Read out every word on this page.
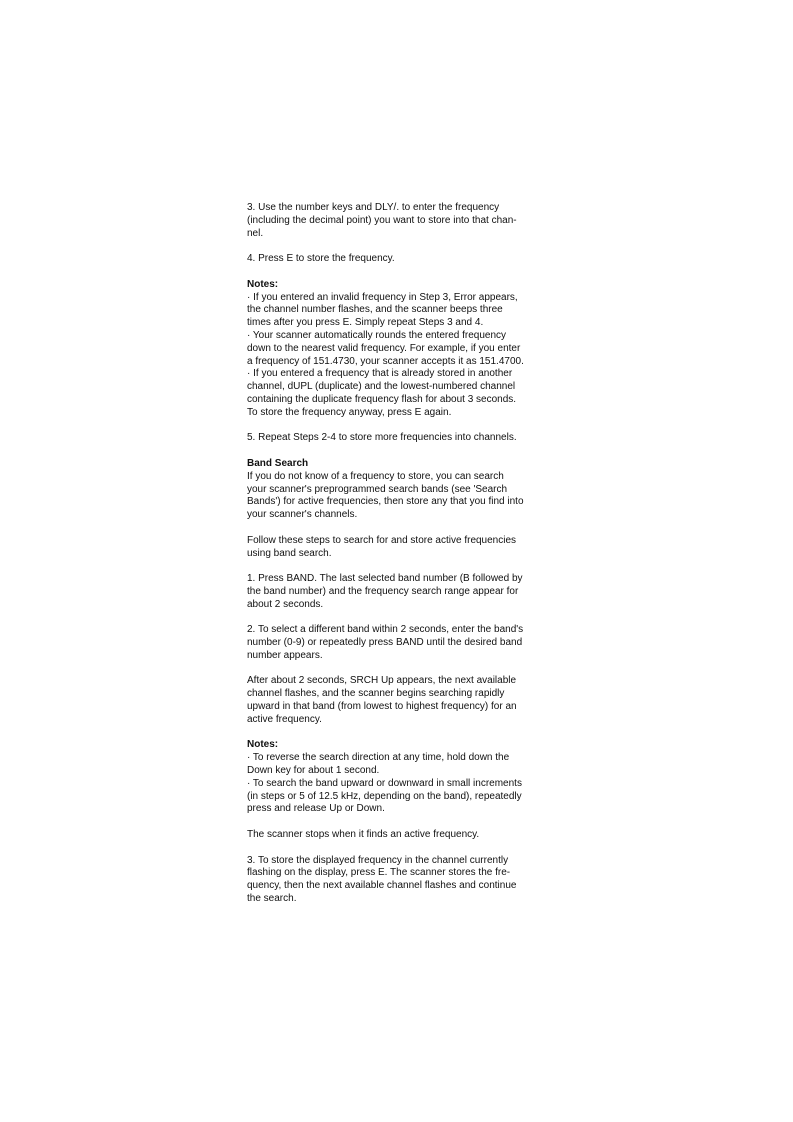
3. Use the number keys and DLY/. to enter the frequency
(including the decimal point) you want to store into that chan-
nel.
4. Press E to store the frequency.
Notes:
· If you entered an invalid frequency in Step 3, Error appears,
the channel number flashes, and the scanner beeps three
times after you press E. Simply repeat Steps 3 and 4.
· Your scanner automatically rounds the entered frequency
down to the nearest valid frequency. For example, if you enter
a frequency of 151.4730, your scanner accepts it as 151.4700.
· If you entered a frequency that is already stored in another
channel, dUPL (duplicate) and the lowest-numbered channel
containing the duplicate frequency flash for about 3 seconds.
To store the frequency anyway, press E again.
5. Repeat Steps 2-4 to store more frequencies into channels.
Band Search
If you do not know of a frequency to store, you can search
your scanner's preprogrammed search bands (see 'Search
Bands') for active frequencies, then store any that you find into
your scanner's channels.
Follow these steps to search for and store active frequencies
using band search.
1. Press BAND. The last selected band number (B followed by
the band number) and the frequency search range appear for
about 2 seconds.
2. To select a different band within 2 seconds, enter the band's
number (0-9) or repeatedly press BAND until the desired band
number appears.
After about 2 seconds, SRCH Up appears, the next available
channel flashes, and the scanner begins searching rapidly
upward in that band (from lowest to highest frequency) for an
active frequency.
Notes:
· To reverse the search direction at any time, hold down the
Down key for about 1 second.
· To search the band upward or downward in small increments
(in steps or 5 of 12.5 kHz, depending on the band), repeatedly
press and release Up or Down.
The scanner stops when it finds an active frequency.
3. To store the displayed frequency in the channel currently
flashing on the display, press E. The scanner stores the fre-
quency, then the next available channel flashes and continue
the search.
